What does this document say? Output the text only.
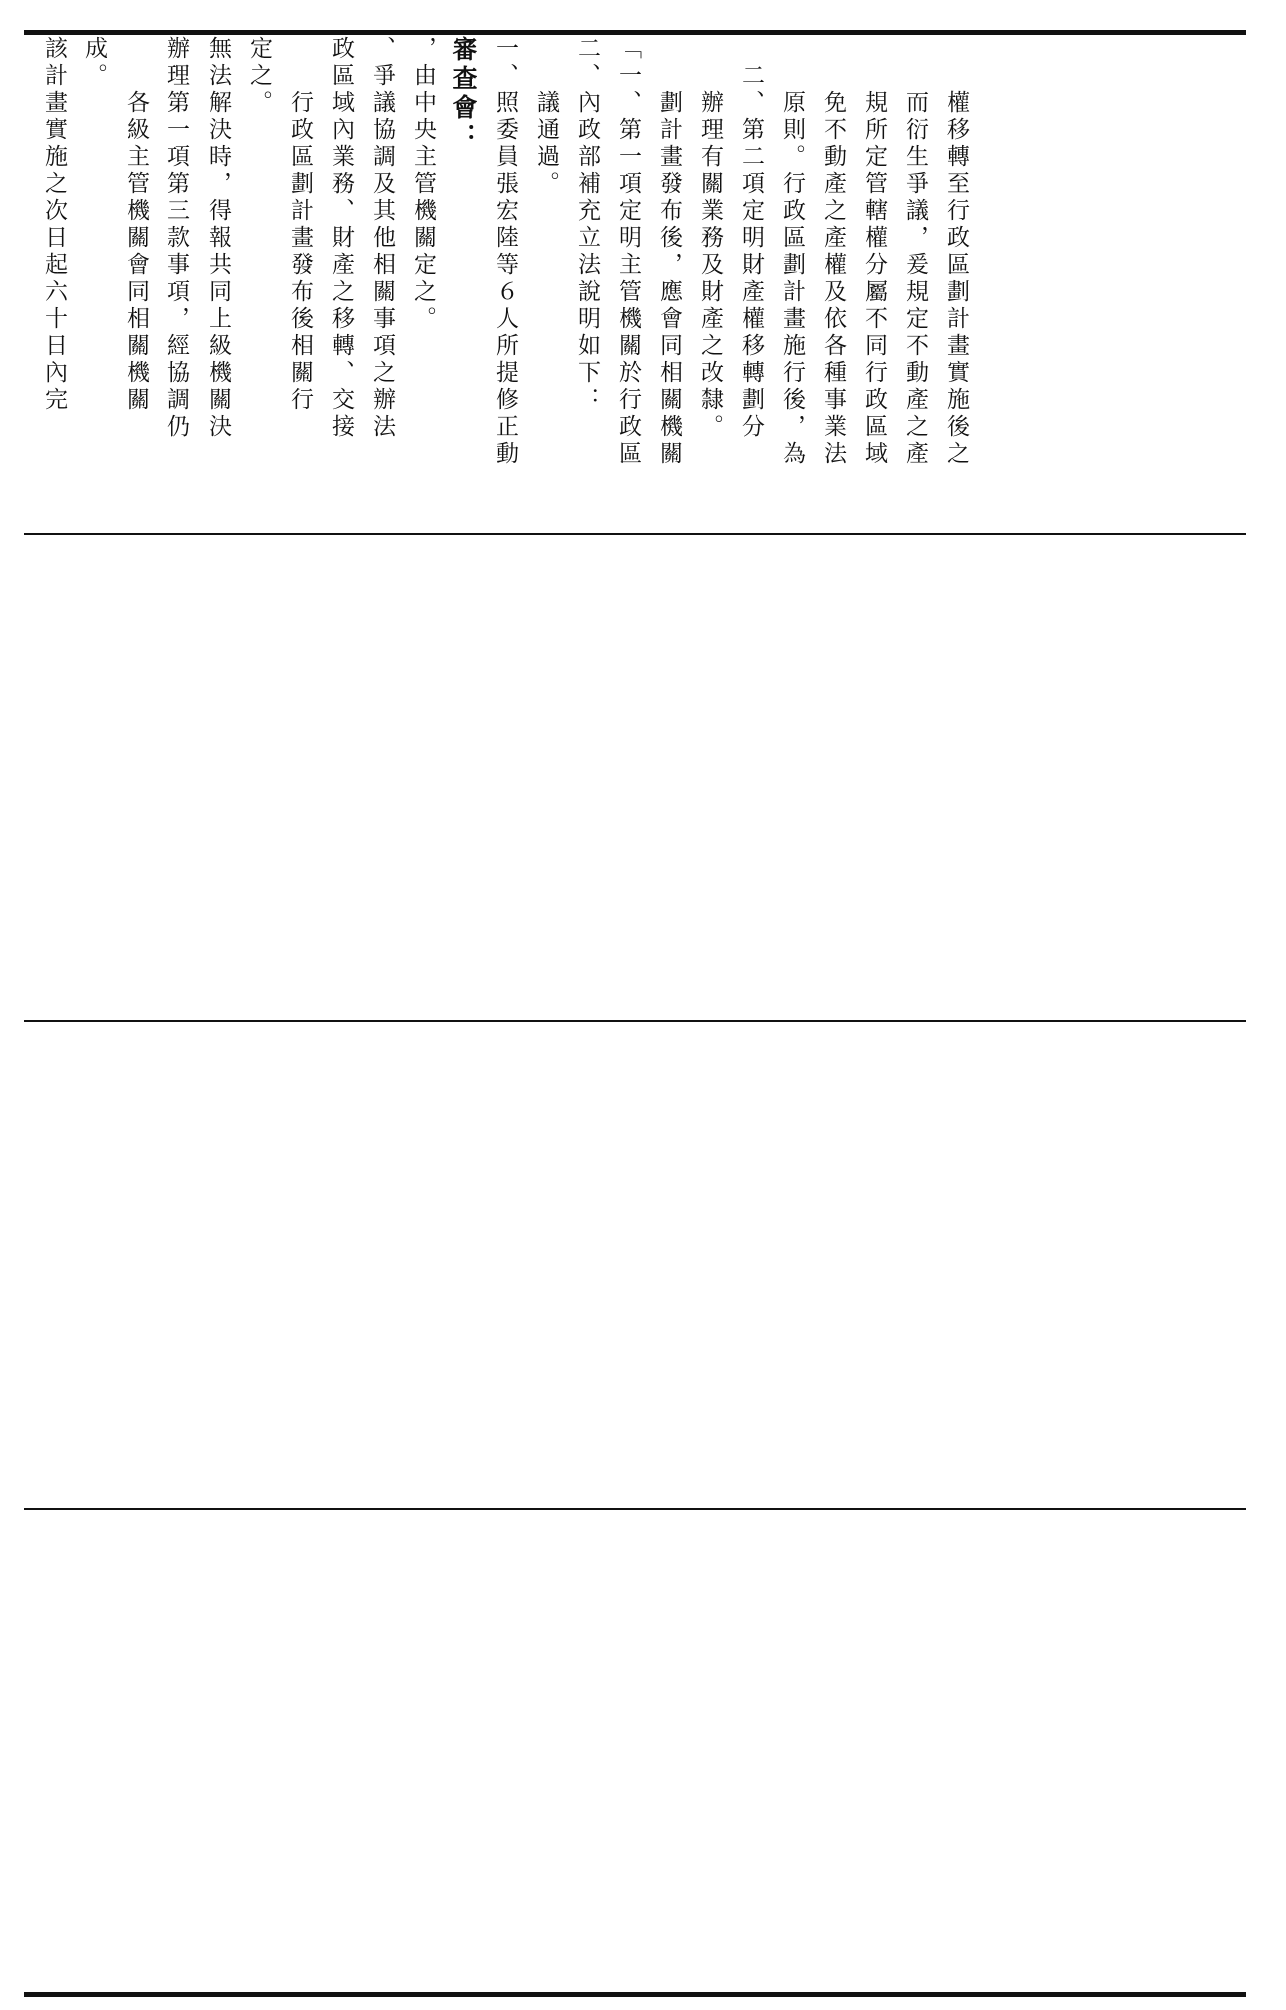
該計畫實施之次日起六十日內完 成。 　　各級主管機關會同相關機關 辦理第一項第三款事項，經協調仍 無法解決時，得報共同上級機關決 定之。 　　行政區劃計畫發布後相關行 政區域內業務、財產之移轉、交接 、爭議協調及其他相關事項之辦法 ，由中央主管機關定之。 審查會： 一、照委員張宏陸等６人所提修正動 　　議通過。 二、內政部補充立法說明如下： 「一、第一項定明主管機關於行政區 　　劃計畫發布後，應會同相關機關 　　辦理有關業務及財產之改隸。 　二、第二項定明財產權移轉劃分 　　原則。行政區劃計畫施行後，為 　　免不動產之產權及依各種事業法 　　規所定管轄權分屬不同行政區域 　　而衍生爭議，爰規定不動產之產 　　權移轉至行政區劃計畫實施後之
